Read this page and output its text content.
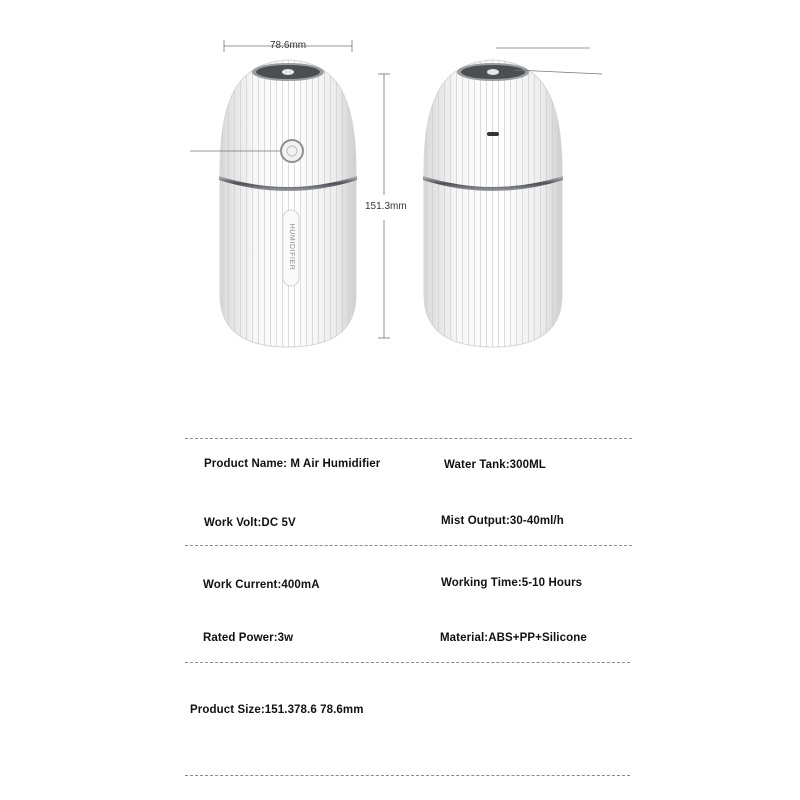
78.6mm
151.3mm
HUMIDIFIER
Product Name: M Air Humidifier	Water Tank:300ML
Work Volt:DC 5V	Mist Output:30-40ml/h
Work Current:400mA	Working Time:5-10 Hours
Rated Power:3w	Material:ABS+PP+Silicone
Product Size:151.378.6 78.6mm
